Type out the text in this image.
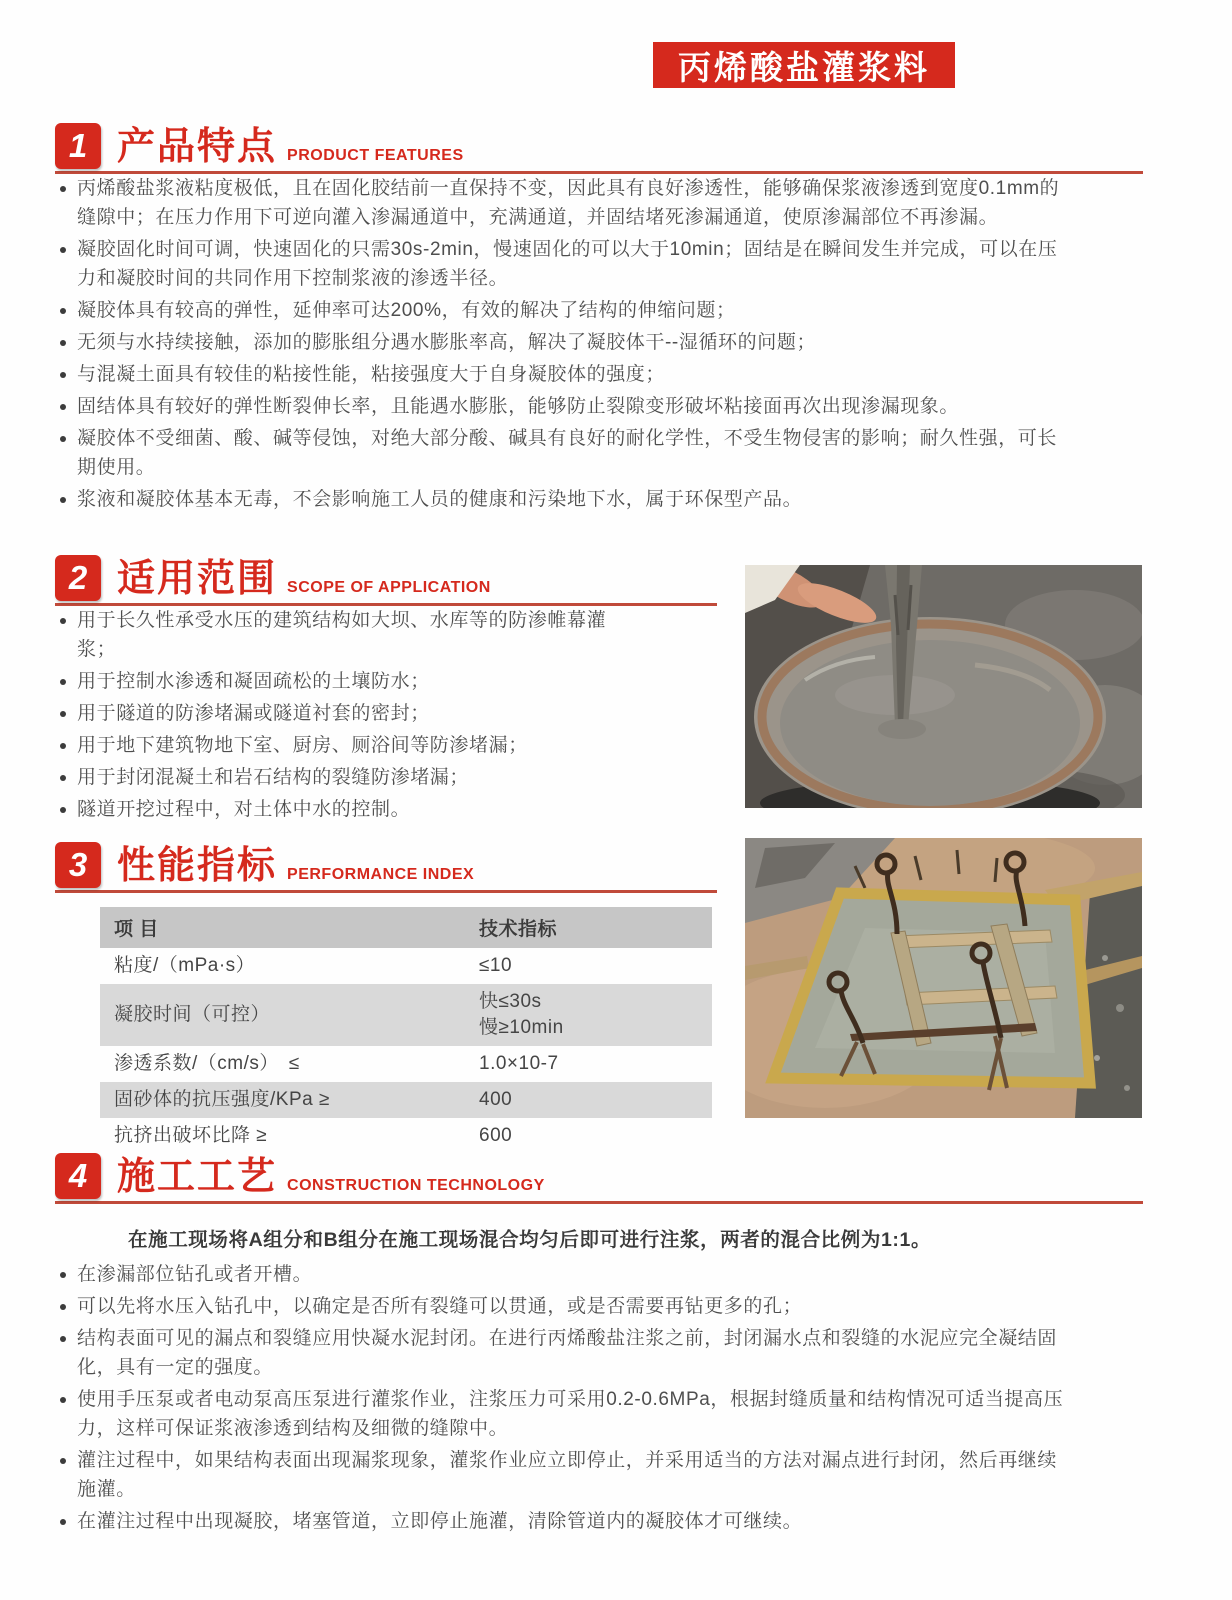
丙烯酸盐灌浆料
1 产品特点 PRODUCT FEATURES
丙烯酸盐浆液粘度极低，且在固化胶结前一直保持不变，因此具有良好渗透性，能够确保浆液渗透到宽度0.1mm的缝隙中；在压力作用下可逆向灌入渗漏通道中，充满通道，并固结堵死渗漏通道，使原渗漏部位不再渗漏。
凝胶固化时间可调，快速固化的只需30s-2min，慢速固化的可以大于10min；固结是在瞬间发生并完成，可以在压力和凝胶时间的共同作用下控制浆液的渗透半径。
凝胶体具有较高的弹性，延伸率可达200%，有效的解决了结构的伸缩问题；
无须与水持续接触，添加的膨胀组分遇水膨胀率高，解决了凝胶体干--湿循环的问题；
与混凝土面具有较佳的粘接性能，粘接强度大于自身凝胶体的强度；
固结体具有较好的弹性断裂伸长率，且能遇水膨胀，能够防止裂隙变形破坏粘接面再次出现渗漏现象。
凝胶体不受细菌、酸、碱等侵蚀，对绝大部分酸、碱具有良好的耐化学性，不受生物侵害的影响；耐久性强，可长期使用。
浆液和凝胶体基本无毒，不会影响施工人员的健康和污染地下水，属于环保型产品。
2 适用范围 SCOPE OF APPLICATION
用于长久性承受水压的建筑结构如大坝、水库等的防渗帷幕灌浆；
用于控制水渗透和凝固疏松的土壤防水；
用于隧道的防渗堵漏或隧道衬套的密封；
用于地下建筑物地下室、厨房、厕浴间等防渗堵漏；
用于封闭混凝土和岩石结构的裂缝防渗堵漏；
隧道开挖过程中，对土体中水的控制。
3 性能指标 PERFORMANCE INDEX
项 目	技术指标

粘度/（mPa·s）	≤10

凝胶时间（可控）	快≤30s
慢≥10min

渗透系数/（cm/s）　≤	1.0×10-7

固砂体的抗压强度/KPa ≥	400

抗挤出破坏比降 ≥	600
4 施工工艺 CONSTRUCTION TECHNOLOGY

在施工现场将A组分和B组分在施工现场混合均匀后即可进行注浆，两者的混合比例为1:1。

在渗漏部位钻孔或者开槽。
可以先将水压入钻孔中，以确定是否所有裂缝可以贯通，或是否需要再钻更多的孔；
结构表面可见的漏点和裂缝应用快凝水泥封闭。在进行丙烯酸盐注浆之前，封闭漏水点和裂缝的水泥应完全凝结固化，具有一定的强度。
使用手压泵或者电动泵高压泵进行灌浆作业，注浆压力可采用0.2-0.6MPa，根据封缝质量和结构情况可适当提高压力，这样可保证浆液渗透到结构及细微的缝隙中。
灌注过程中，如果结构表面出现漏浆现象，灌浆作业应立即停止，并采用适当的方法对漏点进行封闭，然后再继续施灌。
在灌注过程中出现凝胶，堵塞管道，立即停止施灌，清除管道内的凝胶体才可继续。
